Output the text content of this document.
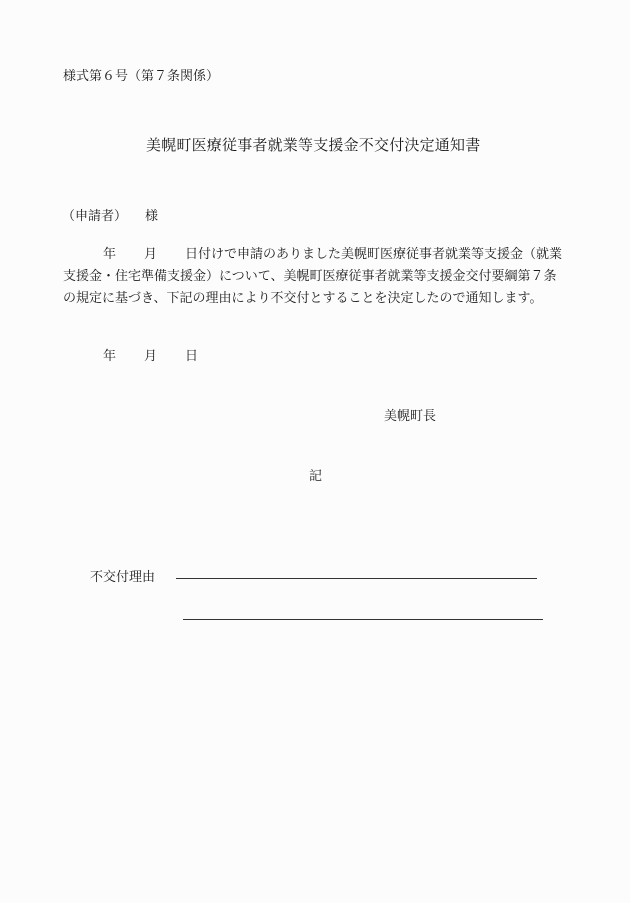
様式第６号（第７条関係）
美幌町医療従事者就業等支援金不交付決定通知書
（申請者） 様
年 月 日付けで申請のありました美幌町医療従事者就業等支援金（就業
支援金・住宅準備支援金）について、美幌町医療従事者就業等支援金交付要綱第７条
の規定に基づき、下記の理由により不交付とすることを決定したので通知します。
年 月 日
美幌町長
記
不交付理由
